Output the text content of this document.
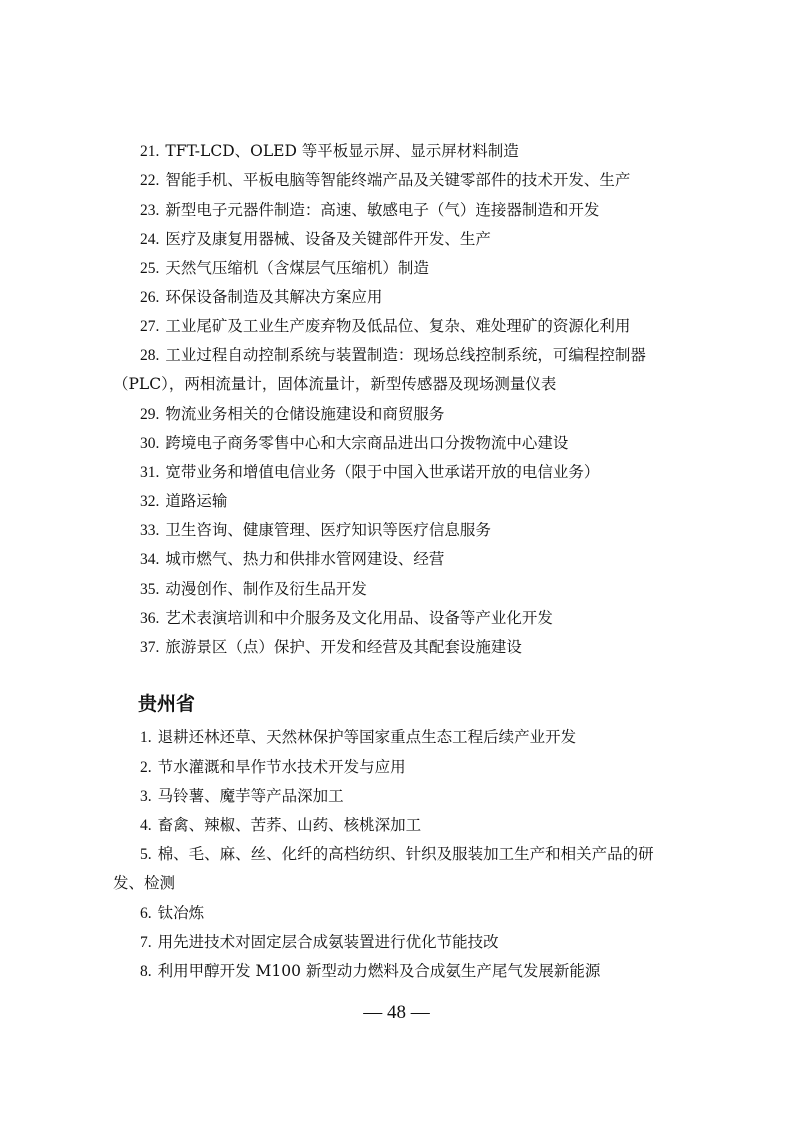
21. TFT-LCD、OLED 等平板显示屏、显示屏材料制造
22. 智能手机、平板电脑等智能终端产品及关键零部件的技术开发、生产
23. 新型电子元器件制造：高速、敏感电子（气）连接器制造和开发
24. 医疗及康复用器械、设备及关键部件开发、生产
25. 天然气压缩机（含煤层气压缩机）制造
26. 环保设备制造及其解决方案应用
27. 工业尾矿及工业生产废弃物及低品位、复杂、难处理矿的资源化利用
28. 工业过程自动控制系统与装置制造：现场总线控制系统，可编程控制器
（PLC），两相流量计，固体流量计，新型传感器及现场测量仪表
29. 物流业务相关的仓储设施建设和商贸服务
30. 跨境电子商务零售中心和大宗商品进出口分拨物流中心建设
31. 宽带业务和增值电信业务（限于中国入世承诺开放的电信业务）
32. 道路运输
33. 卫生咨询、健康管理、医疗知识等医疗信息服务
34. 城市燃气、热力和供排水管网建设、经营
35. 动漫创作、制作及衍生品开发
36. 艺术表演培训和中介服务及文化用品、设备等产业化开发
37. 旅游景区（点）保护、开发和经营及其配套设施建设
贵州省
1. 退耕还林还草、天然林保护等国家重点生态工程后续产业开发
2. 节水灌溉和旱作节水技术开发与应用
3. 马铃薯、魔芋等产品深加工
4. 畜禽、辣椒、苦荞、山药、核桃深加工
5. 棉、毛、麻、丝、化纤的高档纺织、针织及服装加工生产和相关产品的研
发、检测
6. 钛冶炼
7. 用先进技术对固定层合成氨装置进行优化节能技改
8. 利用甲醇开发 M100 新型动力燃料及合成氨生产尾气发展新能源
— 48 —
